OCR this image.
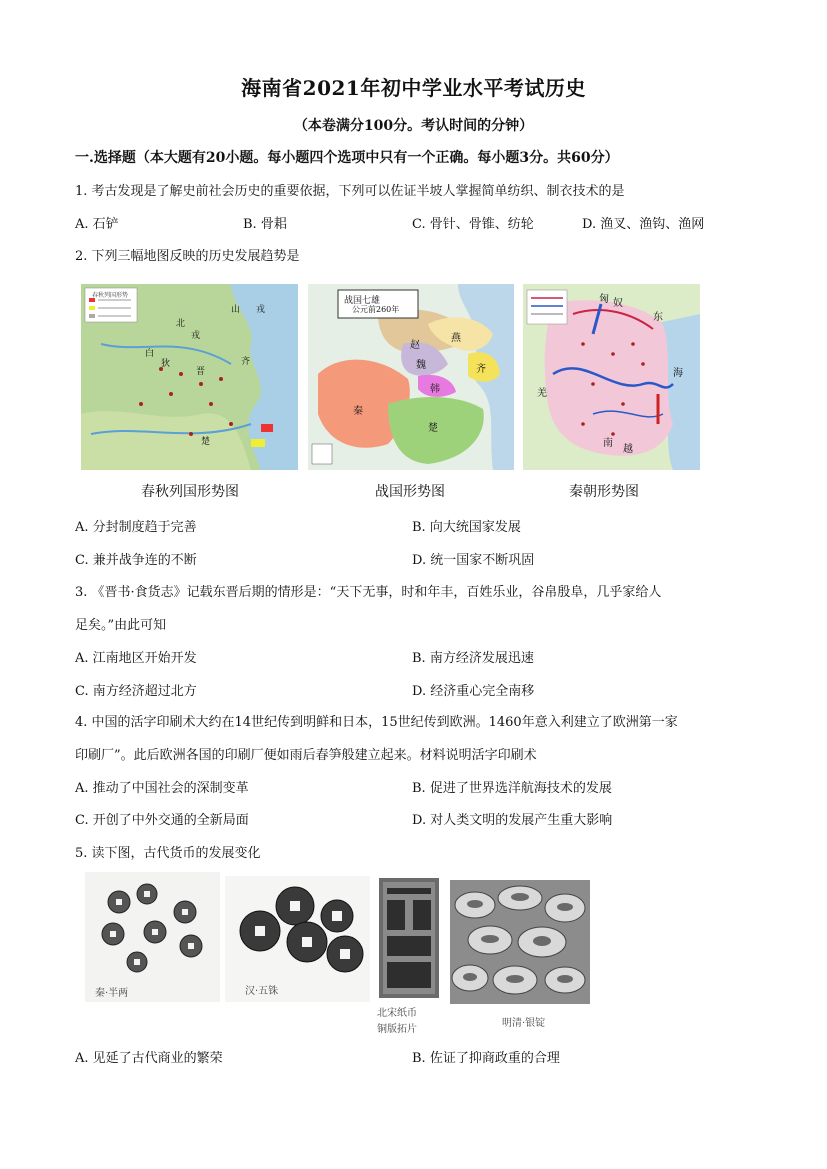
海南省2021年初中学业水平考试历史
（本卷满分100分。考认时间的分钟）
一.选择题（本大题有20小题。每小题四个选项中只有一个正确。每小题3分。共60分）
1. 考古发现是了解史前社会历史的重要依据，下列可以佐证半坡人掌握简单纺织、制衣技术的是
A. 石铲	B. 骨耜	C. 骨针、骨锥、纺轮	D. 渔叉、渔钩、渔网
2. 下列三幅地图反映的历史发展趋势是
春秋列国形势
山 戎
北
戎
白
狄
晋
齐
楚
春秋列国形势图
战国七雄
公元前260年
燕
赵
魏	齐
韩
秦
楚
战国形势图
匈 奴
东
海
羌
南
越
秦朝形势图
A. 分封制度趋于完善	B. 向大统国家发展
C. 兼并战争连的不断	D. 统一国家不断巩固
3. 《晋书·食货志》记载东晋后期的情形是：“天下无事，时和年丰，百姓乐业，谷帛殷阜，几乎家给人
足矣。”由此可知
A. 江南地区开始开发	B. 南方经济发展迅速
C. 南方经济超过北方	D. 经济重心完全南移
4. 中国的活字印刷术大约在14世纪传到明鲜和日本，15世纪传到欧洲。1460年意入利建立了欧洲第一家
印刷厂”。此后欧洲各国的印刷厂便如雨后春笋般建立起来。材料说明活字印刷术
A. 推动了中国社会的深制变革	B. 促进了世界选洋航海技术的发展
C. 开创了中外交通的全新局面	D. 对人类文明的发展产生重大影响
5. 读下图，古代货币的发展变化
秦·半两	汉·五铢
北宋纸币
铜版拓片
明清·银锭
A. 见延了古代商业的繁荣	B. 佐证了抑商政重的合理
